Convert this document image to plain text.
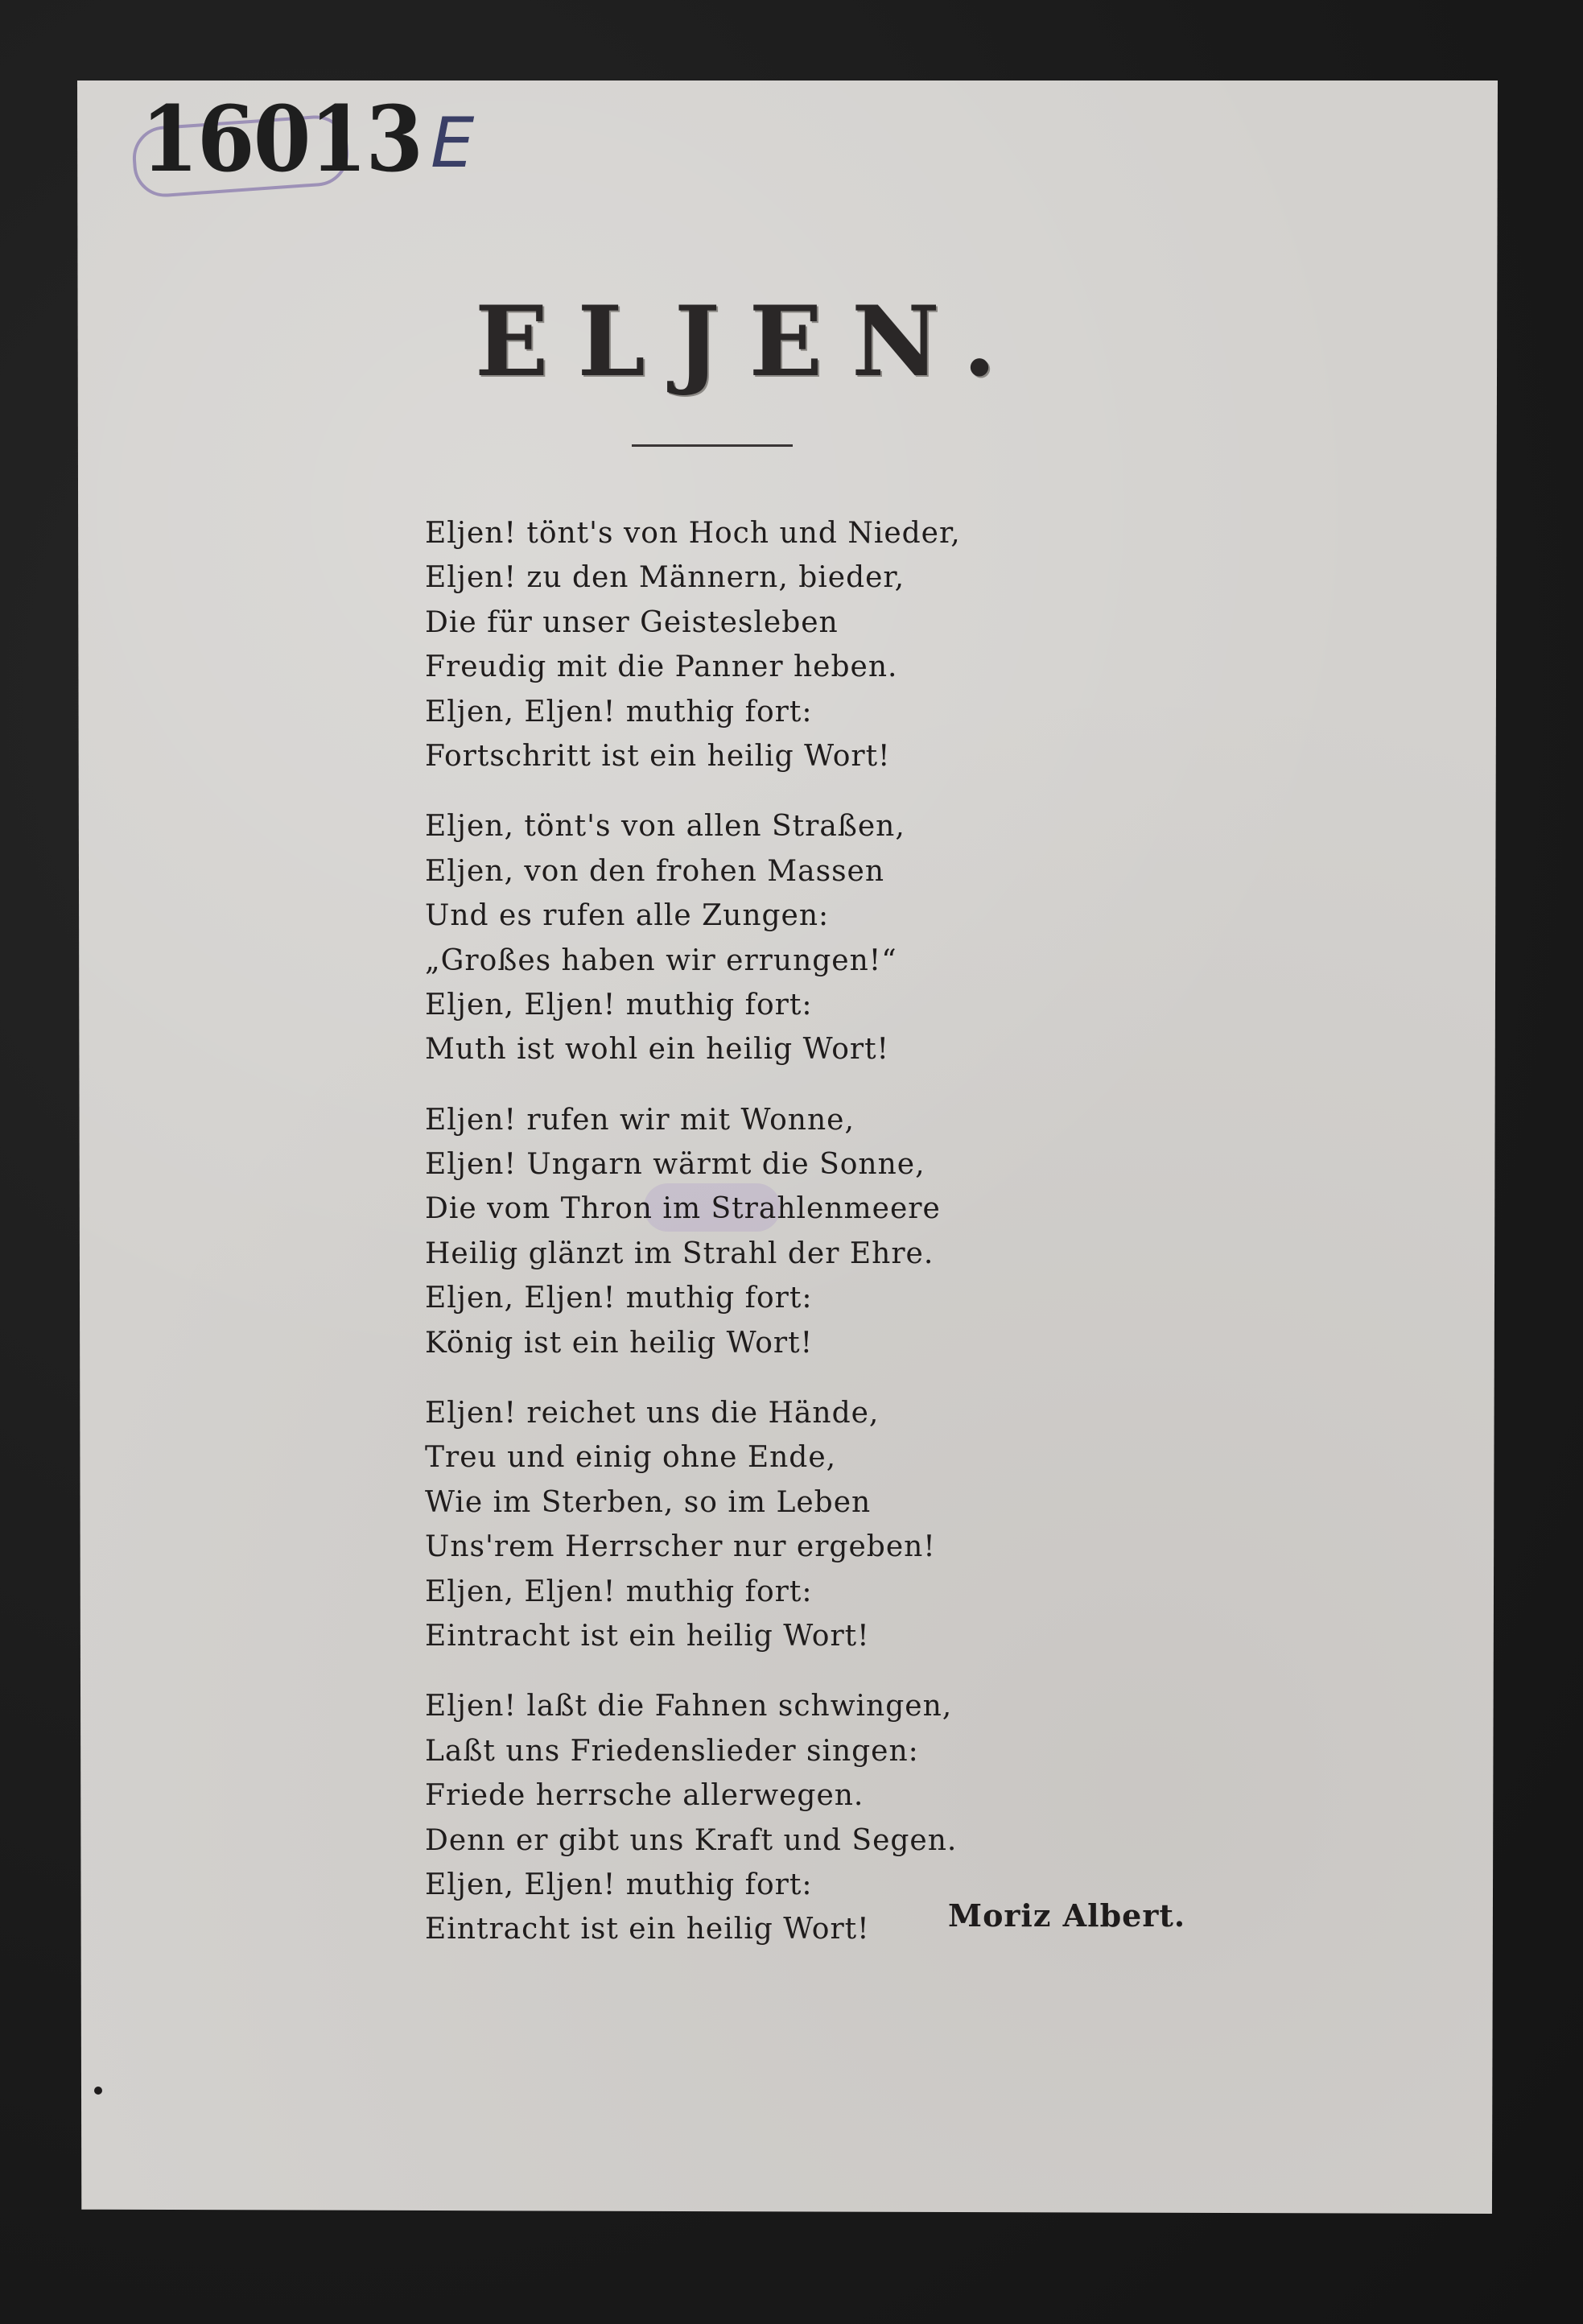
16013 E
ELJEN.
Eljen! tönt's von Hoch und Nieder,
Eljen! zu den Männern, bieder,
Die für unser Geistesleben
Freudig mit die Panner heben.
Eljen, Eljen! muthig fort:
Fortschritt ist ein heilig Wort!
Eljen, tönt's von allen Straßen,
Eljen, von den frohen Massen
Und es rufen alle Zungen:
„Großes haben wir errungen!“
Eljen, Eljen! muthig fort:
Muth ist wohl ein heilig Wort!
Eljen! rufen wir mit Wonne,
Eljen! Ungarn wärmt die Sonne,
Die vom Thron im Strahlenmeere
Heilig glänzt im Strahl der Ehre.
Eljen, Eljen! muthig fort:
König ist ein heilig Wort!
Eljen! reichet uns die Hände,
Treu und einig ohne Ende,
Wie im Sterben, so im Leben
Uns'rem Herrscher nur ergeben!
Eljen, Eljen! muthig fort:
Eintracht ist ein heilig Wort!
Eljen! laßt die Fahnen schwingen,
Laßt uns Friedenslieder singen:
Friede herrsche allerwegen.
Denn er gibt uns Kraft und Segen.
Eljen, Eljen! muthig fort:
Eintracht ist ein heilig Wort!	Moriz Albert.
